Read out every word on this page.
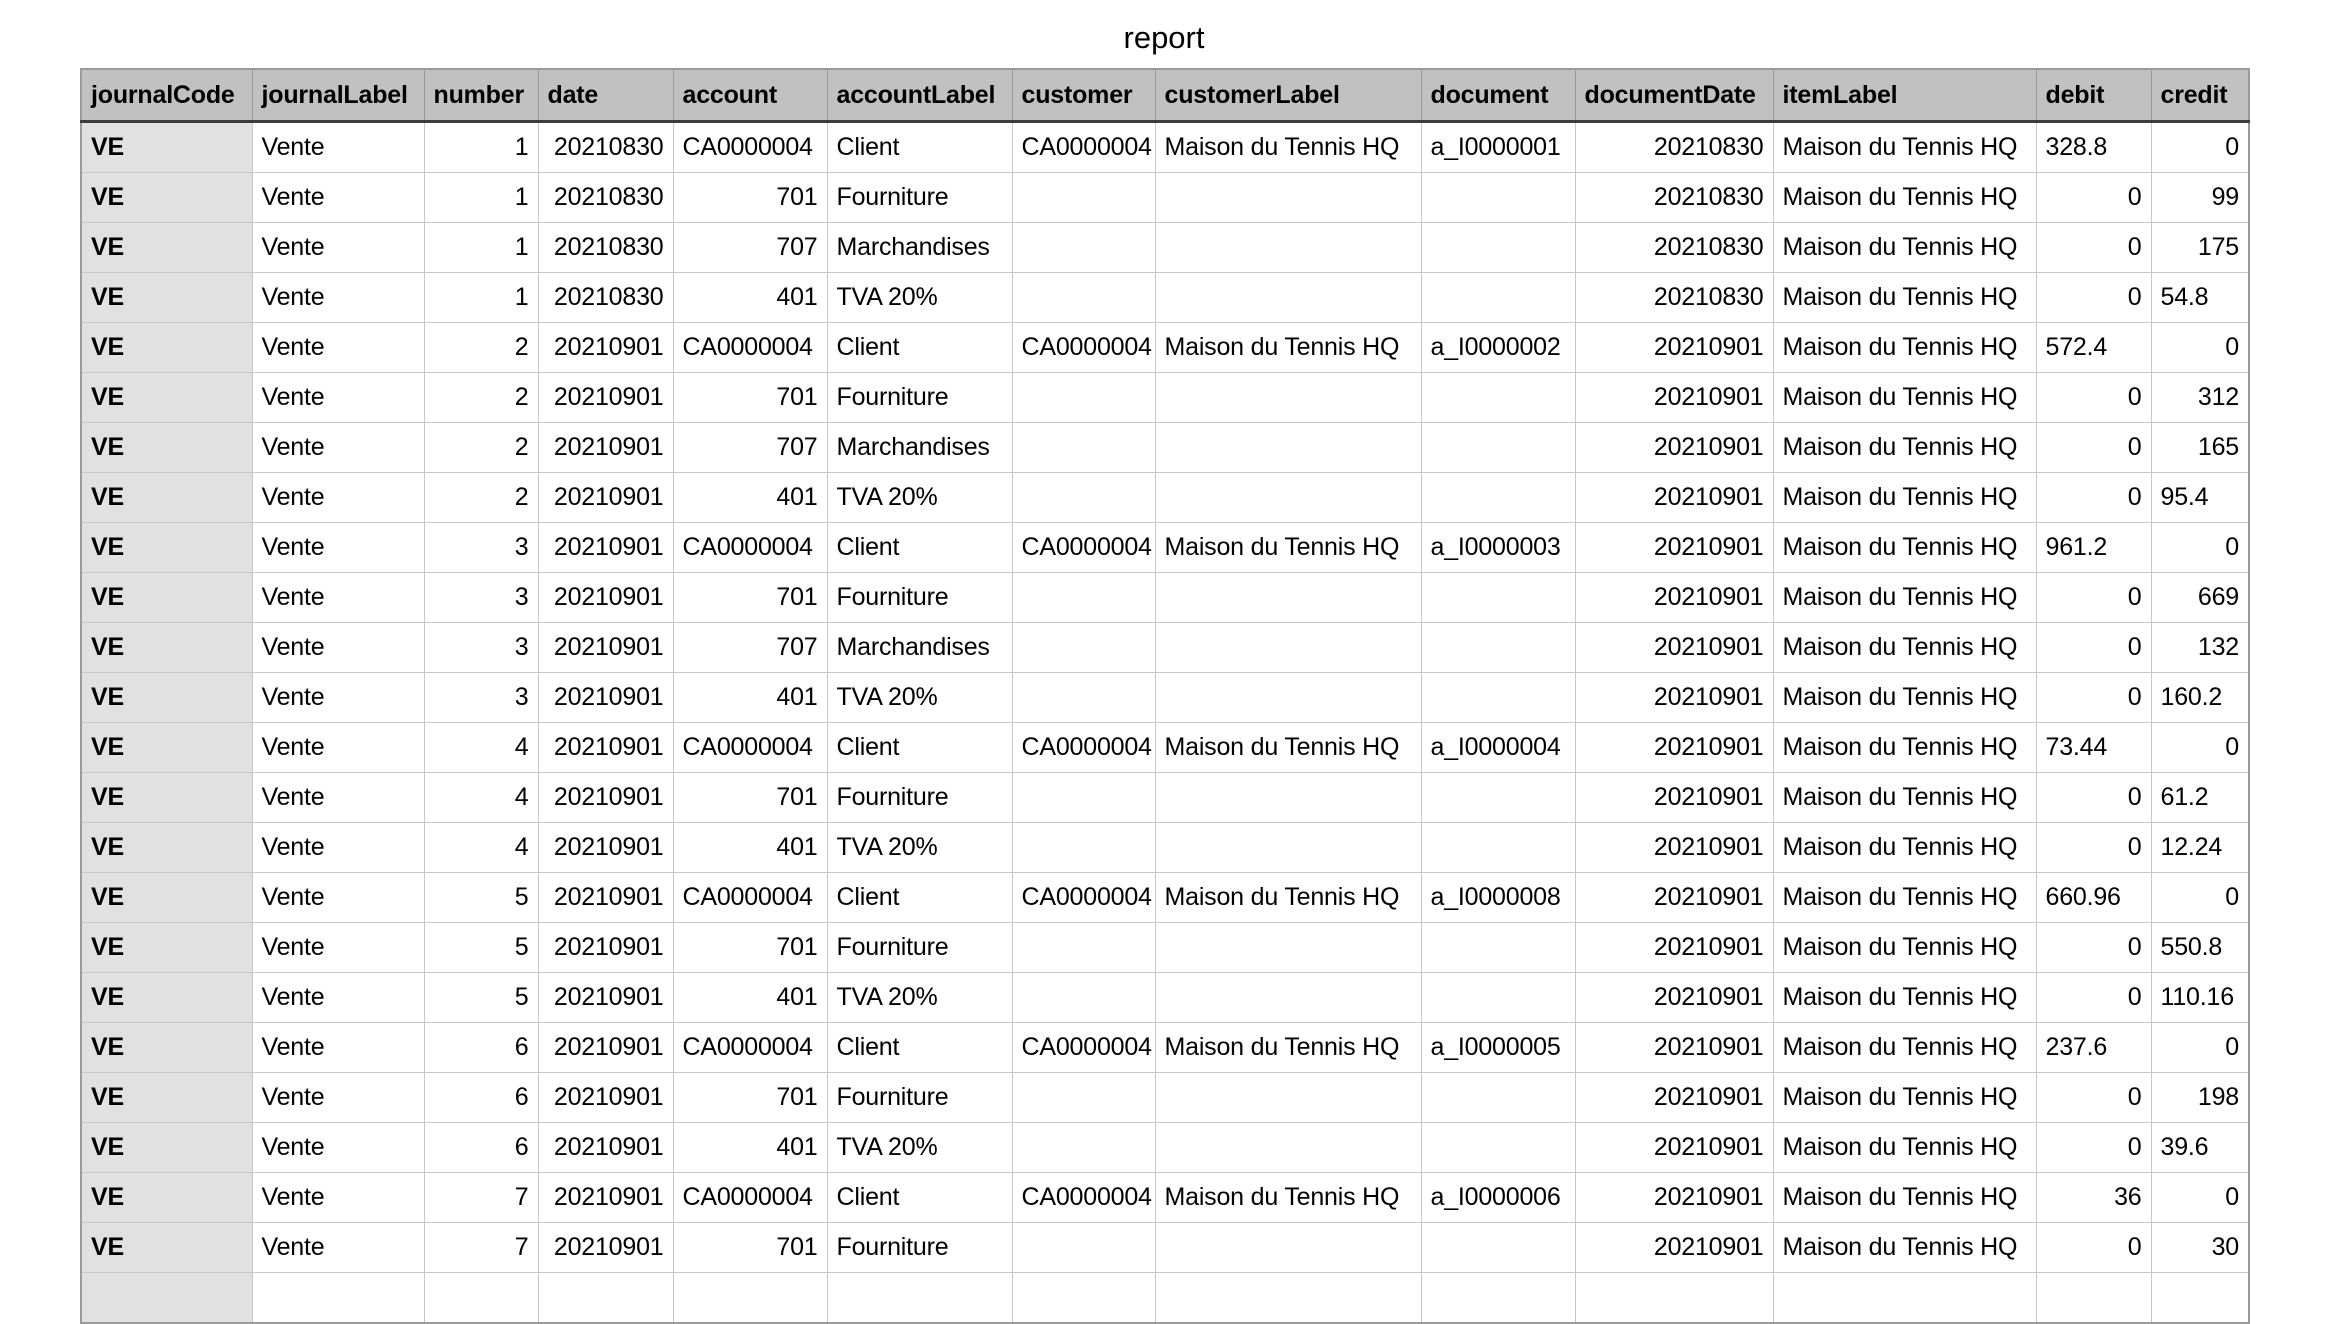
report
journalCode	journalLabel	number	date	account	accountLabel	customer	customerLabel	document	documentDate	itemLabel	debit	credit
VE	Vente	1	20210830	CA0000004	Client	CA0000004	Maison du Tennis HQ	a_I0000001	20210830	Maison du Tennis HQ	328.8	0
VE	Vente	1	20210830	701	Fourniture				20210830	Maison du Tennis HQ	0	99
VE	Vente	1	20210830	707	Marchandises				20210830	Maison du Tennis HQ	0	175
VE	Vente	1	20210830	401	TVA 20%				20210830	Maison du Tennis HQ	0	54.8
VE	Vente	2	20210901	CA0000004	Client	CA0000004	Maison du Tennis HQ	a_I0000002	20210901	Maison du Tennis HQ	572.4	0
VE	Vente	2	20210901	701	Fourniture				20210901	Maison du Tennis HQ	0	312
VE	Vente	2	20210901	707	Marchandises				20210901	Maison du Tennis HQ	0	165
VE	Vente	2	20210901	401	TVA 20%				20210901	Maison du Tennis HQ	0	95.4
VE	Vente	3	20210901	CA0000004	Client	CA0000004	Maison du Tennis HQ	a_I0000003	20210901	Maison du Tennis HQ	961.2	0
VE	Vente	3	20210901	701	Fourniture				20210901	Maison du Tennis HQ	0	669
VE	Vente	3	20210901	707	Marchandises				20210901	Maison du Tennis HQ	0	132
VE	Vente	3	20210901	401	TVA 20%				20210901	Maison du Tennis HQ	0	160.2
VE	Vente	4	20210901	CA0000004	Client	CA0000004	Maison du Tennis HQ	a_I0000004	20210901	Maison du Tennis HQ	73.44	0
VE	Vente	4	20210901	701	Fourniture				20210901	Maison du Tennis HQ	0	61.2
VE	Vente	4	20210901	401	TVA 20%				20210901	Maison du Tennis HQ	0	12.24
VE	Vente	5	20210901	CA0000004	Client	CA0000004	Maison du Tennis HQ	a_I0000008	20210901	Maison du Tennis HQ	660.96	0
VE	Vente	5	20210901	701	Fourniture				20210901	Maison du Tennis HQ	0	550.8
VE	Vente	5	20210901	401	TVA 20%				20210901	Maison du Tennis HQ	0	110.16
VE	Vente	6	20210901	CA0000004	Client	CA0000004	Maison du Tennis HQ	a_I0000005	20210901	Maison du Tennis HQ	237.6	0
VE	Vente	6	20210901	701	Fourniture				20210901	Maison du Tennis HQ	0	198
VE	Vente	6	20210901	401	TVA 20%				20210901	Maison du Tennis HQ	0	39.6
VE	Vente	7	20210901	CA0000004	Client	CA0000004	Maison du Tennis HQ	a_I0000006	20210901	Maison du Tennis HQ	36	0
VE	Vente	7	20210901	701	Fourniture				20210901	Maison du Tennis HQ	0	30
